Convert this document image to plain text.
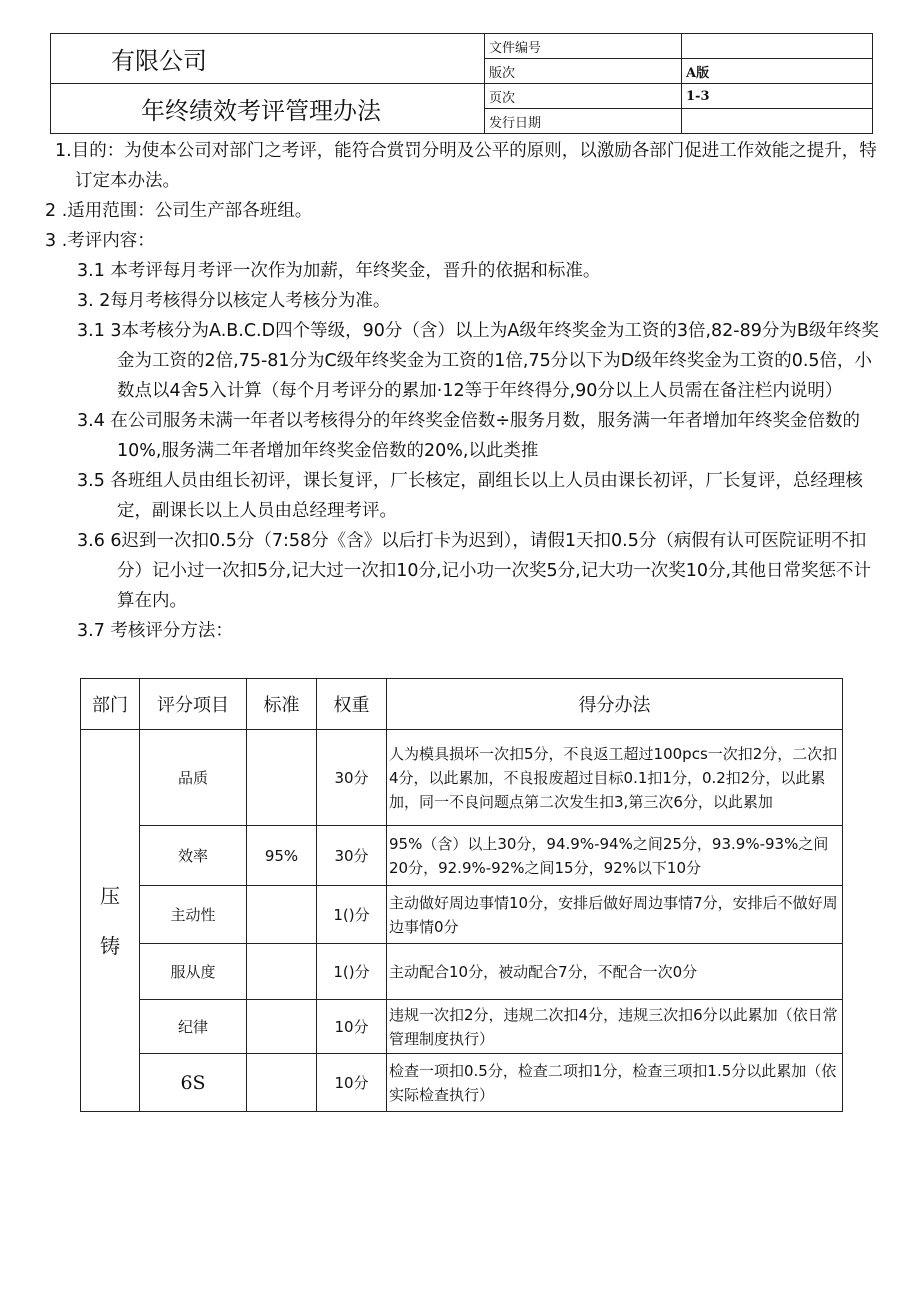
有限公司	文件编号	
	版次	A版
年终绩效考评管理办法	页次	1-3
	发行日期	

1.目的：为使本公司对部门之考评，能符合赏罚分明及公平的原则，以激励各部门促进工作效能之提升，特订定本办法。

2 .适用范围：公司生产部各班组。

3 .考评内容：

3.1 本考评每月考评一次作为加薪，年终奖金，晋升的依据和标准。

3. 2每月考核得分以核定人考核分为准。

3.1 3本考核分为A.B.C.D四个等级，90分（含）以上为A级年终奖金为工资的3倍,82-89分为B级年终奖金为工资的2倍,75-81分为C级年终奖金为工资的1倍,75分以下为D级年终奖金为工资的0.5倍，小数点以4舍5入计算（每个月考评分的累加·12等于年终得分,90分以上人员需在备注栏内说明）

3.4 在公司服务未满一年者以考核得分的年终奖金倍数÷服务月数，服务满一年者增加年终奖金倍数的10%,服务满二年者增加年终奖金倍数的20%,以此类推

3.5 各班组人员由组长初评，课长复评，厂长核定，副组长以上人员由课长初评，厂长复评，总经理核定，副课长以上人员由总经理考评。

3.6 6迟到一次扣0.5分（7:58分《含》以后打卡为迟到），请假1天扣0.5分（病假有认可医院证明不扣分）记小过一次扣5分,记大过一次扣10分,记小功一次奖5分,记大功一次奖10分,其他日常奖惩不计算在内。

3.7 考核评分方法：

部门	评分项目	标准	权重	得分办法

压
铸	品质		30分	人为模具损坏一次扣5分，不良返工超过100pcs一次扣2分，二次扣4分，以此累加，不良报废超过目标0.1扣1分，0.2扣2分，以此累加，同一不良问题点第二次发生扣3,第三次6分，以此累加
	效率	95%	30分	95%（含）以上30分，94.9%-94%之间25分，93.9%-93%之间20分，92.9%-92%之间15分，92%以下10分
	主动性		1()分	主动做好周边事情10分，安排后做好周边事情7分，安排后不做好周边事情0分
	服从度		1()分	主动配合10分，被动配合7分，不配合一次0分
	纪律		10分	违规一次扣2分，违规二次扣4分，违规三次扣6分以此累加（依日常管理制度执行）
	6S		10分	检查一项扣0.5分，检查二项扣1分，检查三项扣1.5分以此累加（依实际检查执行）
